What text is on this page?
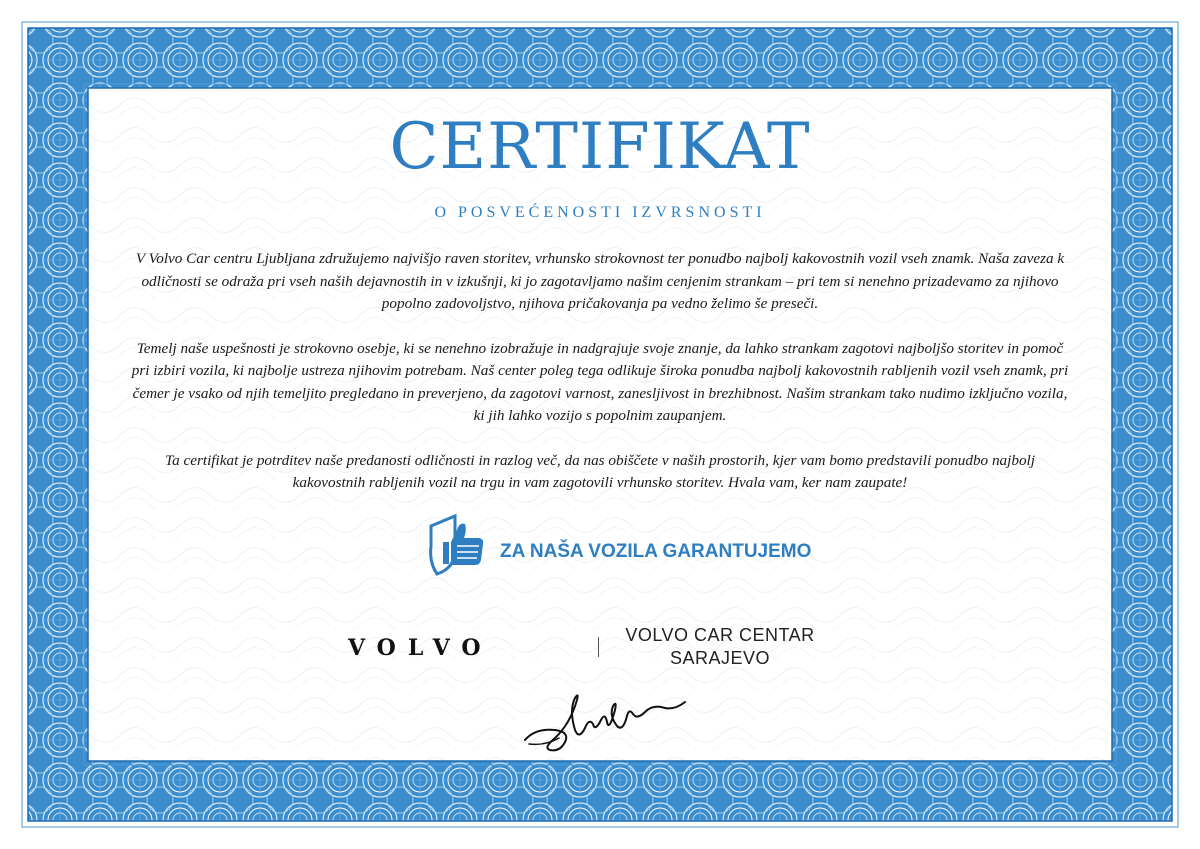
CERTIFIKAT
O POSVEĆENOSTI IZVRSNOSTI

V Volvo Car centru Ljubljana združujemo najvišjo raven storitev, vrhunsko strokovnost ter ponudbo najbolj kakovostnih vozil vseh znamk. Naša zaveza k odličnosti se odraža pri vseh naših dejavnostih in v izkušnji, ki jo zagotavljamo našim cenjenim strankam – pri tem si nenehno prizadevamo za njihovo popolno zadovoljstvo, njihova pričakovanja pa vedno želimo še preseči.

Temelj naše uspešnosti je strokovno osebje, ki se nenehno izobražuje in nadgrajuje svoje znanje, da lahko strankam zagotovi najboljšo storitev in pomoč pri izbiri vozila, ki najbolje ustreza njihovim potrebam. Naš center poleg tega odlikuje široka ponudba najbolj kakovostnih rabljenih vozil vseh znamk, pri čemer je vsako od njih temeljito pregledano in preverjeno, da zagotovi varnost, zanesljivost in brezhibnost. Našim strankam tako nudimo izključno vozila, ki jih lahko vozijo s popolnim zaupanjem.

Ta certifikat je potrditev naše predanosti odličnosti in razlog več, da nas obiščete v naših prostorih, kjer vam bomo predstavili ponudbo najbolj kakovostnih rabljenih vozil na trgu in vam zagotovili vrhunsko storitev. Hvala vam, ker nam zaupate!

ZA NAŠA VOZILA GARANTUJEMO
VOLVO	VOLVO CAR CENTAR
SARAJEVO
